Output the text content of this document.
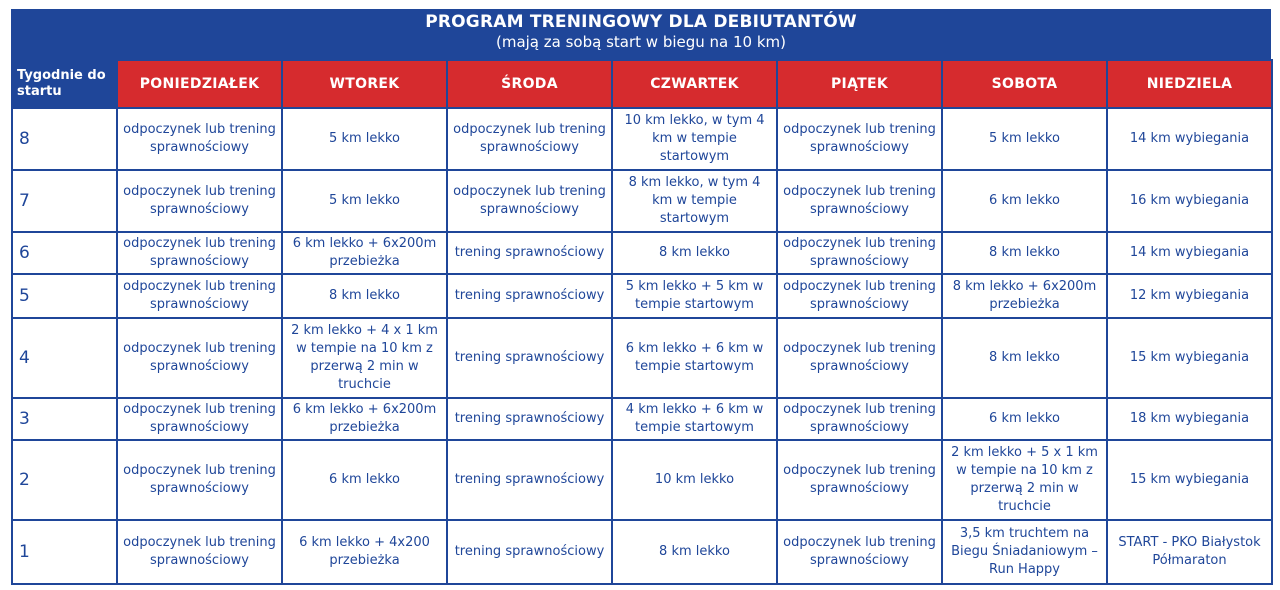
PROGRAM TRENINGOWY DLA DEBIUTANTÓW
(mają za sobą start w biegu na 10 km)
Tygodnie do startu	PONIEDZIAŁEK	WTOREK	ŚRODA	CZWARTEK	PIĄTEK	SOBOTA	NIEDZIELA
8	odpoczynek lub trening sprawnościowy	5 km lekko	odpoczynek lub trening sprawnościowy	10 km lekko, w tym 4 km w tempie startowym	odpoczynek lub trening sprawnościowy	5 km lekko	14 km wybiegania
7	odpoczynek lub trening sprawnościowy	5 km lekko	odpoczynek lub trening sprawnościowy	8 km lekko, w tym 4 km w tempie startowym	odpoczynek lub trening sprawnościowy	6 km lekko	16 km wybiegania
6	odpoczynek lub trening sprawnościowy	6 km lekko + 6x200m przebieżka	trening sprawnościowy	8 km lekko	odpoczynek lub trening sprawnościowy	8 km lekko	14 km wybiegania
5	odpoczynek lub trening sprawnościowy	8 km lekko	trening sprawnościowy	5 km lekko + 5 km w tempie startowym	odpoczynek lub trening sprawnościowy	8 km lekko + 6x200m przebieżka	12 km wybiegania
4	odpoczynek lub trening sprawnościowy	2 km lekko + 4 x 1 km w tempie na 10 km z przerwą 2 min w truchcie	trening sprawnościowy	6 km lekko + 6 km w tempie startowym	odpoczynek lub trening sprawnościowy	8 km lekko	15 km wybiegania
3	odpoczynek lub trening sprawnościowy	6 km lekko + 6x200m przebieżka	trening sprawnościowy	4 km lekko + 6 km w tempie startowym	odpoczynek lub trening sprawnościowy	6 km lekko	18 km wybiegania
2	odpoczynek lub trening sprawnościowy	6 km lekko	trening sprawnościowy	10 km lekko	odpoczynek lub trening sprawnościowy	2 km lekko + 5 x 1 km w tempie na 10 km z przerwą 2 min w truchcie	15 km wybiegania
1	odpoczynek lub trening sprawnościowy	6 km lekko + 4x200 przebieżka	trening sprawnościowy	8 km lekko	odpoczynek lub trening sprawnościowy	3,5 km truchtem na Biegu Śniadaniowym – Run Happy	START - PKO Białystok Półmaraton
